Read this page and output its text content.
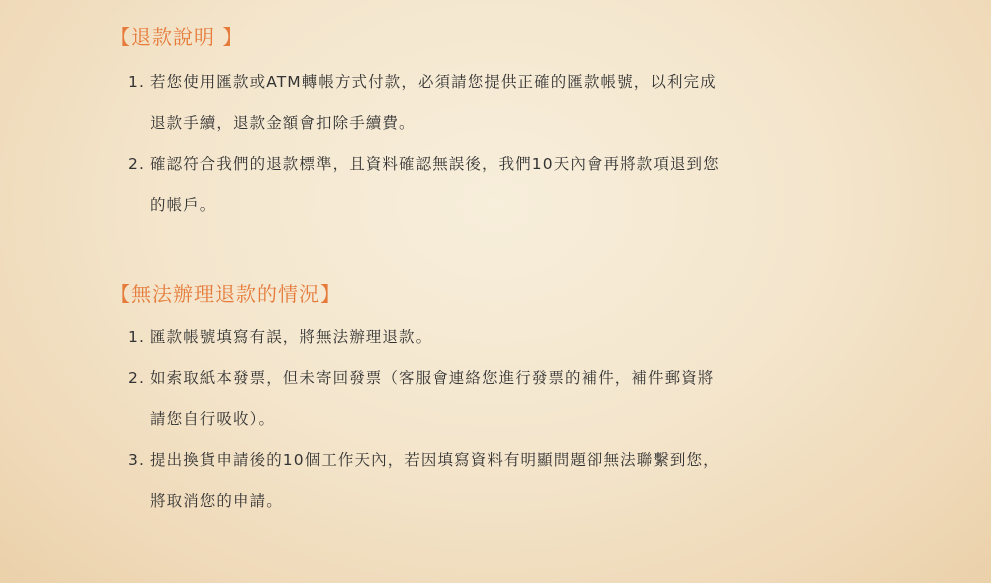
【退款說明 】
1. 若您使用匯款或ATM轉帳方式付款，必須請您提供正確的匯款帳號，以利完成
退款手續，退款金額會扣除手續費。
2. 確認符合我們的退款標準，且資料確認無誤後，我們10天內會再將款項退到您
的帳戶。
【無法辦理退款的情況】
1. 匯款帳號填寫有誤，將無法辦理退款。
2. 如索取紙本發票，但未寄回發票（客服會連絡您進行發票的補件，補件郵資將
請您自行吸收）。
3. 提出換貨申請後的10個工作天內，若因填寫資料有明顯問題卻無法聯繫到您，
將取消您的申請。
